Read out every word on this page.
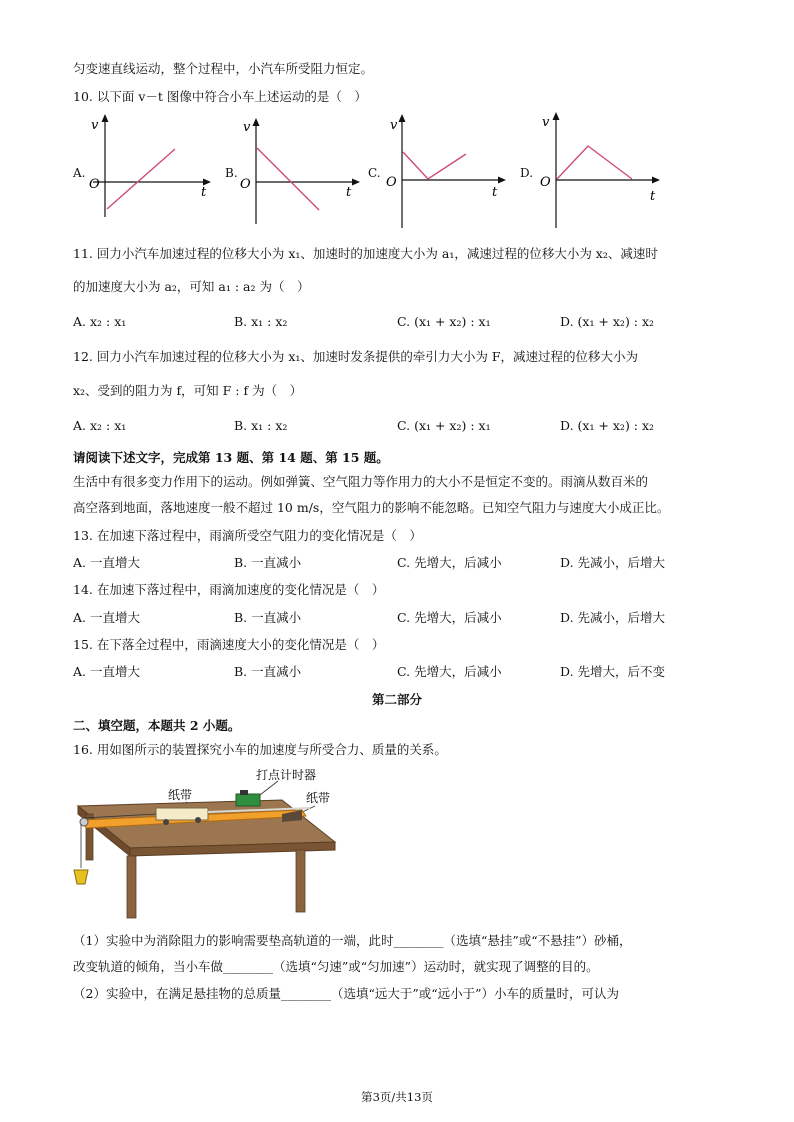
匀变速直线运动，整个过程中，小汽车所受阻力恒定。
10. 以下面 v－t 图像中符合小车上述运动的是（　）
A.
v
t
O
B.
v
t
O
C.
v
t
O
D.
v
t
O
11. 回力小汽车加速过程的位移大小为 x₁、加速时的加速度大小为 a₁，减速过程的位移大小为 x₂、减速时
的加速度大小为 a₂，可知 a₁ : a₂ 为（　）
A. x₂ : x₁	B. x₁ : x₂	C. (x₁ + x₂) : x₁	D. (x₁ + x₂) : x₂
12. 回力小汽车加速过程的位移大小为 x₁、加速时发条提供的牵引力大小为 F，减速过程的位移大小为
x₂、受到的阻力为 f，可知 F : f 为（　）
A. x₂ : x₁	B. x₁ : x₂	C. (x₁ + x₂) : x₁	D. (x₁ + x₂) : x₂
请阅读下述文字，完成第 13 题、第 14 题、第 15 题。
生活中有很多变力作用下的运动。例如弹簧、空气阻力等作用力的大小不是恒定不变的。雨滴从数百米的
高空落到地面，落地速度一般不超过 10 m/s，空气阻力的影响不能忽略。已知空气阻力与速度大小成正比。
13. 在加速下落过程中，雨滴所受空气阻力的变化情况是（　）
A. 一直增大	B. 一直减小	C. 先增大，后减小	D. 先减小，后增大
14. 在加速下落过程中，雨滴加速度的变化情况是（　）
A. 一直增大	B. 一直减小	C. 先增大，后减小	D. 先减小，后增大
15. 在下落全过程中，雨滴速度大小的变化情况是（　）
A. 一直增大	B. 一直减小	C. 先增大，后减小	D. 先增大，后不变
第二部分
二、填空题，本题共 2 小题。
16. 用如图所示的装置探究小车的加速度与所受合力、质量的关系。
打点计时器
纸带	纸带
（1）实验中为消除阻力的影响需要垫高轨道的一端，此时________（选填“悬挂”或“不悬挂”）砂桶，
改变轨道的倾角，当小车做________（选填“匀速”或“匀加速”）运动时，就实现了调整的目的。
（2）实验中，在满足悬挂物的总质量________（选填“远大于”或“远小于”）小车的质量时，可认为
第3页/共13页
